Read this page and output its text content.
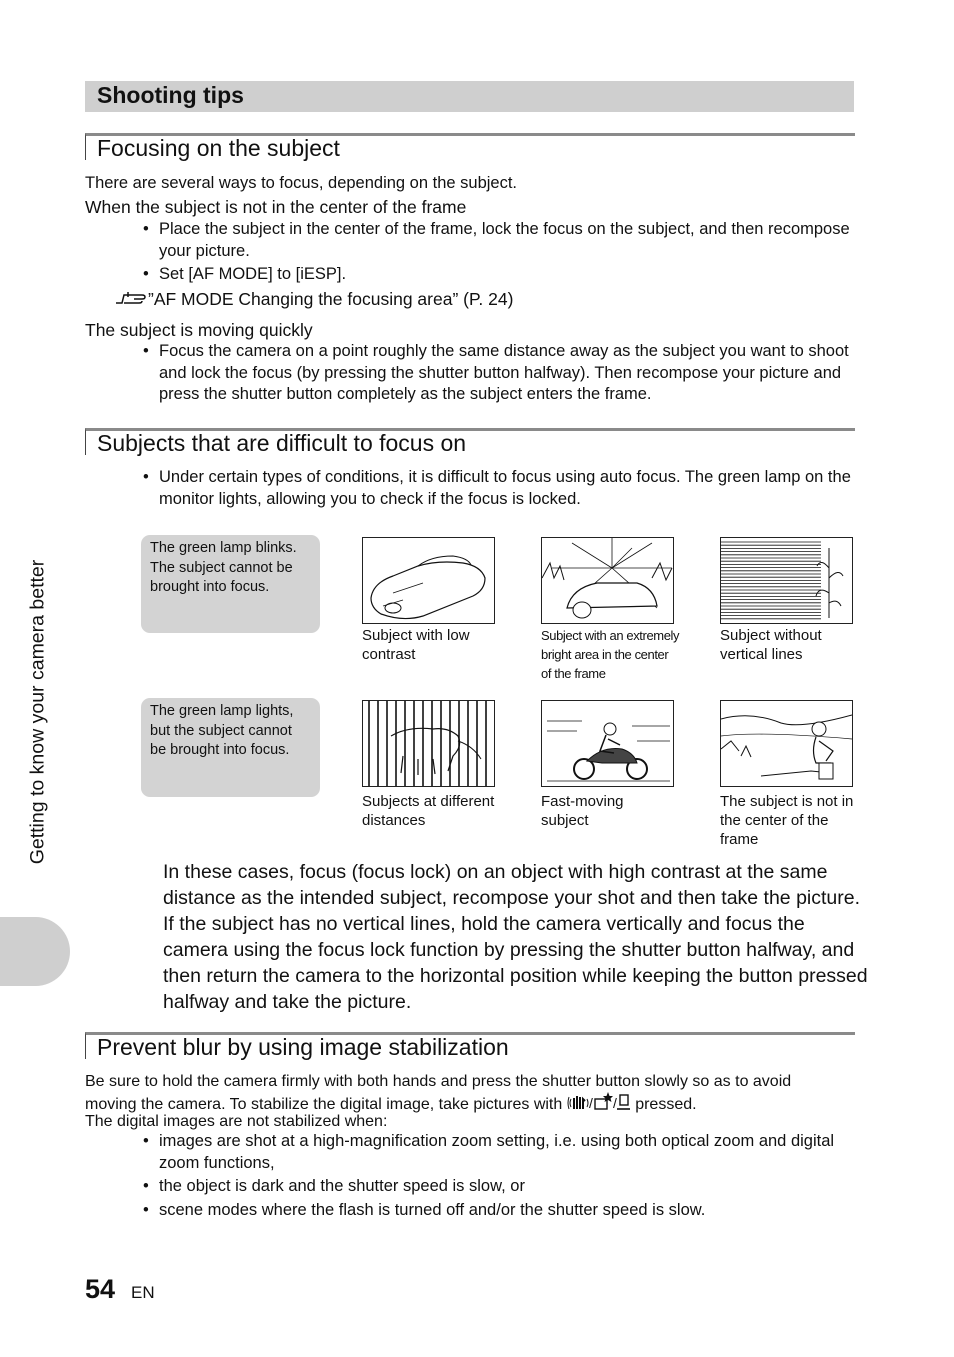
Shooting tips
Focusing on the subject
There are several ways to focus, depending on the subject.
When the subject is not in the center of the frame
• Place the subject in the center of the frame, lock the focus on the subject, and then recompose your picture.
• Set [AF MODE] to [iESP].
”AF MODE Changing the focusing area” (P. 24)
The subject is moving quickly
• Focus the camera on a point roughly the same distance away as the subject you want to shoot and lock the focus (by pressing the shutter button halfway). Then recompose your picture and press the shutter button completely as the subject enters the frame.
Subjects that are difficult to focus on
• Under certain types of conditions, it is difficult to focus using auto focus. The green lamp on the monitor lights, allowing you to check if the focus is locked.
The green lamp blinks.
The subject cannot be brought into focus.
The green lamp lights, but the subject cannot be brought into focus.
Subject with low contrast
Subject with an extremely bright area in the center of the frame
Subject without vertical lines
Subjects at different distances
Fast-moving subject
The subject is not in the center of the frame
In these cases, focus (focus lock) on an object with high contrast at the same distance as the intended subject, recompose your shot and then take the picture. If the subject has no vertical lines, hold the camera vertically and focus the camera using the focus lock function by pressing the shutter button halfway, and then return the camera to the horizontal position while keeping the button pressed halfway and take the picture.
Prevent blur by using image stabilization
Be sure to hold the camera firmly with both hands and press the shutter button slowly so as to avoid
moving the camera. To stabilize the digital image, take pictures with / / pressed.
The digital images are not stabilized when:
• images are shot at a high-magnification zoom setting, i.e. using both optical zoom and digital zoom functions,
• the object is dark and the shutter speed is slow, or
• scene modes where the flash is turned off and/or the shutter speed is slow.
Getting to know your camera better
54 EN
